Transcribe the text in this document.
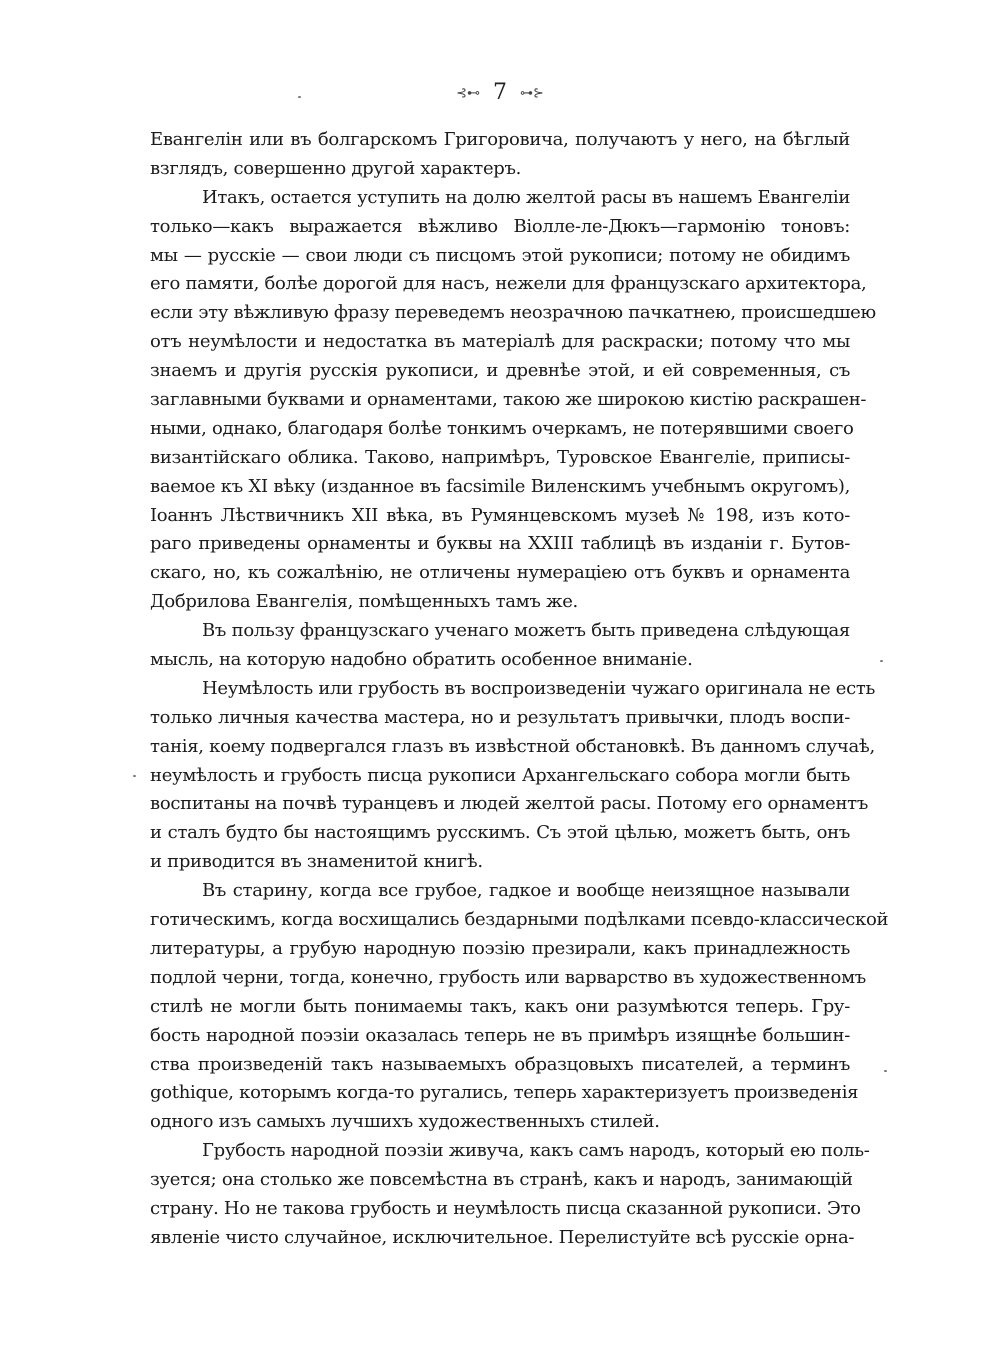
⊰⊷ 7 ⊶⊱
Евангелін или въ болгарскомъ Григоровича, получаютъ у него, на бѣглый
взглядъ, совершенно другой характеръ.
Итакъ, остается уступить на долю желтой расы въ нашемъ Евангеліи
только—какъ выражается вѣжливо Віолле-ле-Дюкъ—гармонію тоновъ:
мы — русскіе — свои люди съ писцомъ этой рукописи; потому не обидимъ
его памяти, болѣе дорогой для насъ, нежели для французскаго архитектора,
если эту вѣжливую фразу переведемъ неозрачною пачкатнею, происшедшею
отъ неумѣлости и недостатка въ матеріалѣ для раскраски; потому что мы
знаемъ и другія русскія рукописи, и древнѣе этой, и ей современныя, съ
заглавными буквами и орнаментами, такою же широкою кистію раскрашен-
ными, однако, благодаря болѣе тонкимъ очеркамъ, не потерявшими своего
византійскаго облика. Таково, напримѣръ, Туровское Евангеліе, приписы-
ваемое къ XI вѣку (изданное въ facsimile Виленскимъ учебнымъ округомъ),
Іоаннъ Лѣствичникъ XII вѣка, въ Румянцевскомъ музеѣ № 198, изъ кото-
раго приведены орнаменты и буквы на XXIII таблицѣ въ изданіи г. Бутов-
скаго, но, къ сожалѣнію, не отличены нумераціею отъ буквъ и орнамента
Добрилова Евангелія, помѣщенныхъ тамъ же.
Въ пользу французскаго ученаго можетъ быть приведена слѣдующая
мысль, на которую надобно обратить особенное вниманіе.
Неумѣлость или грубость въ воспроизведеніи чужаго оригинала не есть
только личныя качества мастера, но и результатъ привычки, плодъ воспи-
танія, коему подвергался глазъ въ извѣстной обстановкѣ. Въ данномъ случаѣ,
неумѣлость и грубость писца рукописи Архангельскаго собора могли быть
воспитаны на почвѣ туранцевъ и людей желтой расы. Потому его орнаментъ
и сталъ будто бы настоящимъ русскимъ. Съ этой цѣлью, можетъ быть, онъ
и приводится въ знаменитой книгѣ.
Въ старину, когда все грубое, гадкое и вообще неизящное называли
готическимъ, когда восхищались бездарными подѣлками псевдо-классической
литературы, а грубую народную поэзію презирали, какъ принадлежность
подлой черни, тогда, конечно, грубость или варварство въ художественномъ
стилѣ не могли быть понимаемы такъ, какъ они разумѣются теперь. Гру-
бость народной поэзіи оказалась теперь не въ примѣръ изящнѣе большин-
ства произведеній такъ называемыхъ образцовыхъ писателей, а терминъ
gothique, которымъ когда-то ругались, теперь характеризуетъ произведенія
одного изъ самыхъ лучшихъ художественныхъ стилей.
Грубость народной поэзіи живуча, какъ самъ народъ, который ею поль-
зуется; она столько же повсемѣстна въ странѣ, какъ и народъ, занимающій
страну. Но не такова грубость и неумѣлость писца сказанной рукописи. Это
явленіе чисто случайное, исключительное. Перелистуйте всѣ русскіе орна-
